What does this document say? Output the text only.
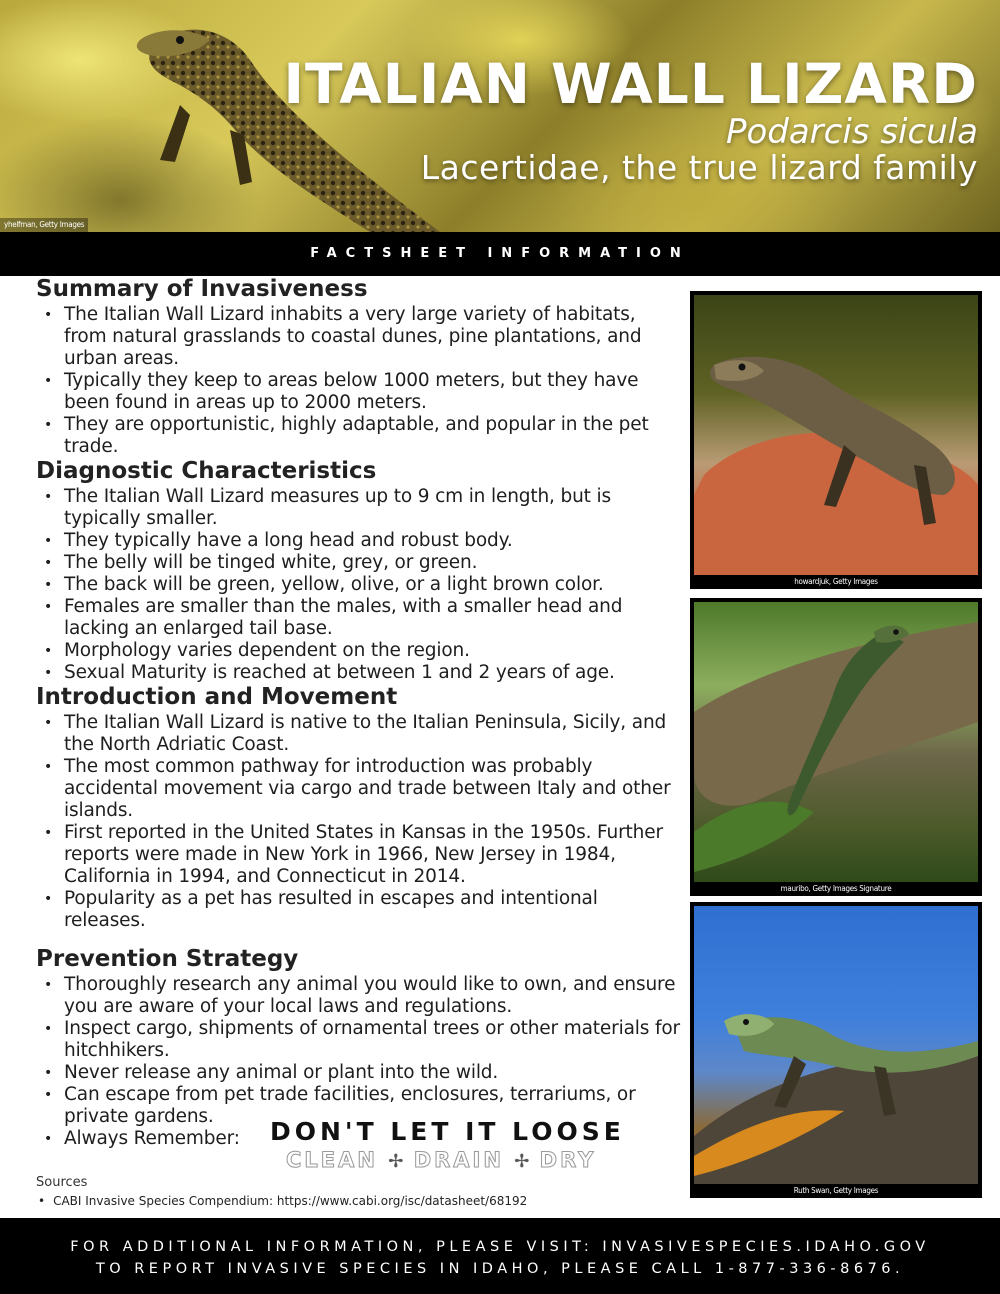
yhelfman, Getty Images
ITALIAN WALL LIZARD
Podarcis sicula
Lacertidae, the true lizard family
FACTSHEET INFORMATION
Summary of Invasiveness
• The Italian Wall Lizard inhabits a very large variety of habitats, from natural grasslands to coastal dunes, pine plantations, and urban areas.
• Typically they keep to areas below 1000 meters, but they have been found in areas up to 2000 meters.
• They are opportunistic, highly adaptable, and popular in the pet trade.
Diagnostic Characteristics
• The Italian Wall Lizard measures up to 9 cm in length, but is typically smaller.
• They typically have a long head and robust body.
• The belly will be tinged white, grey, or green.
• The back will be green, yellow, olive, or a light brown color.
• Females are smaller than the males, with a smaller head and lacking an enlarged tail base.
• Morphology varies dependent on the region.
• Sexual Maturity is reached at between 1 and 2 years of age.
Introduction and Movement
• The Italian Wall Lizard is native to the Italian Peninsula, Sicily, and the North Adriatic Coast.
• The most common pathway for introduction was probably accidental movement via cargo and trade between Italy and other islands.
• First reported in the United States in Kansas in the 1950s. Further reports were made in New York in 1966, New Jersey in 1984, California in 1994, and Connecticut in 2014.
• Popularity as a pet has resulted in escapes and intentional releases.
Prevention Strategy
• Thoroughly research any animal you would like to own, and ensure you are aware of your local laws and regulations.
• Inspect cargo, shipments of ornamental trees or other materials for hitchhikers.
• Never release any animal or plant into the wild.
• Can escape from pet trade facilities, enclosures, terrariums, or private gardens.
• Always Remember:	DON'T LET IT LOOSE
CLEAN ✢ DRAIN ✢ DRY
Sources
• CABI Invasive Species Compendium: https://www.cabi.org/isc/datasheet/68192
howardjuk, Getty Images
mauribo, Getty Images Signature
Ruth Swan, Getty Images
FOR ADDITIONAL INFORMATION, PLEASE VISIT: INVASIVESPECIES.IDAHO.GOV
TO REPORT INVASIVE SPECIES IN IDAHO, PLEASE CALL 1-877-336-8676.
